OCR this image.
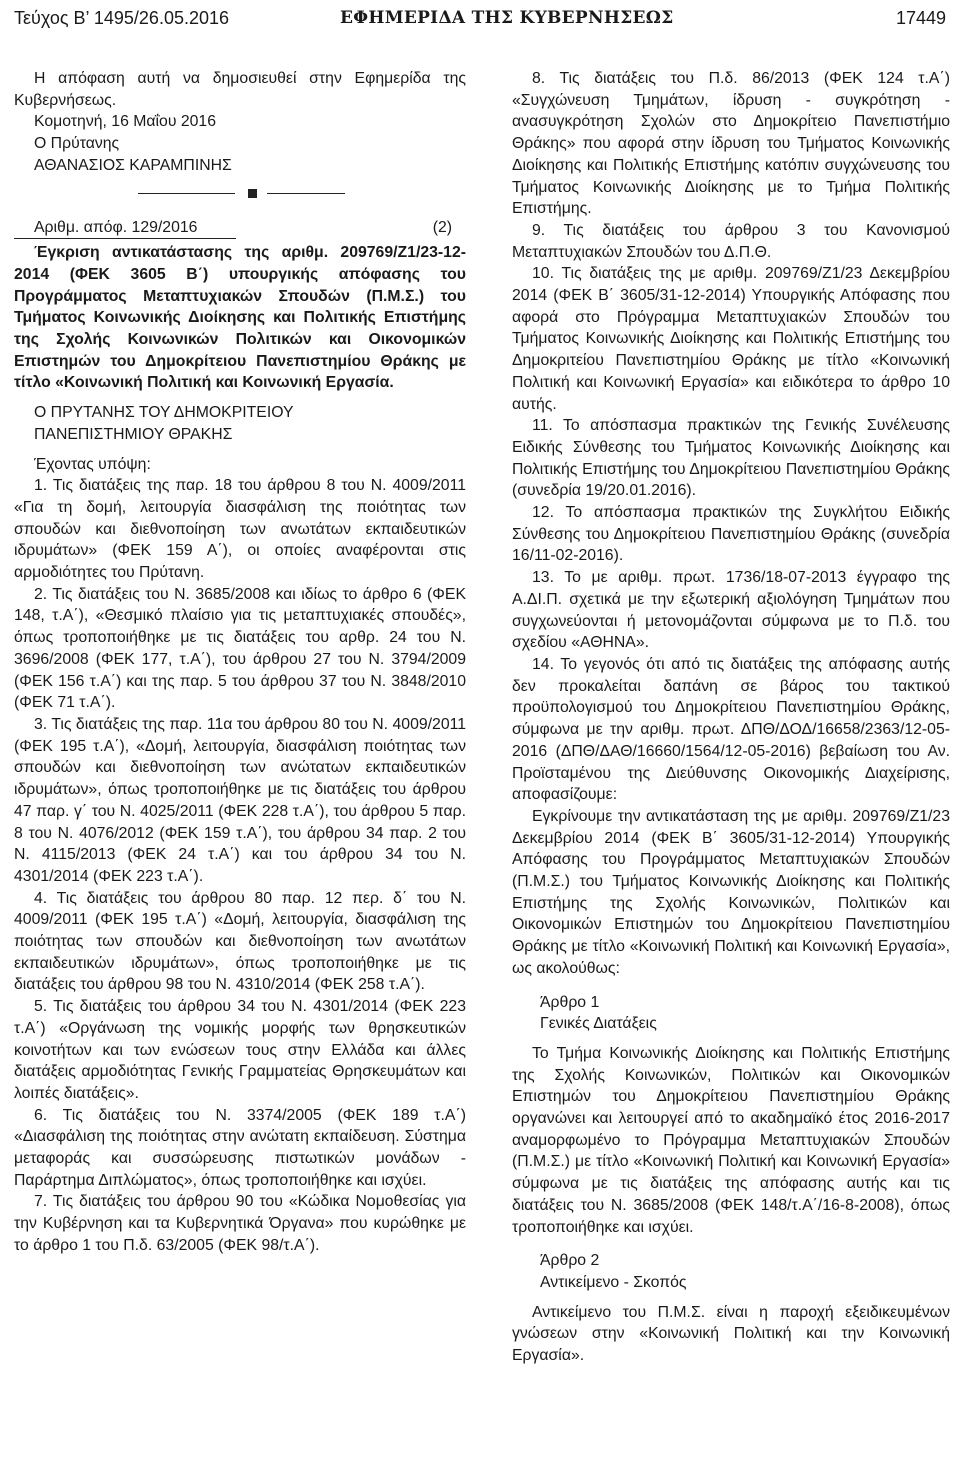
Τεύχος Β’ 1495/26.05.2016	ΕΦΗΜΕΡΙΔΑ ΤΗΣ ΚΥΒΕΡΝΗΣΕΩΣ	17449

Η απόφαση αυτή να δημοσιευθεί στην Εφημερίδα της Κυβερνήσεως.

Κομοτηνή, 16 Μαΐου 2016
Ο Πρύτανης
ΑΘΑΝΑΣΙΟΣ ΚΑΡΑΜΠΙΝΗΣ
Αριθμ. απόφ. 129/2016	(2)

Έγκριση αντικατάστασης της αριθμ. 209769/Ζ1/23-12-2014 (ΦΕΚ 3605 Β΄) υπουργικής απόφασης του Προγράμματος Μεταπτυχιακών Σπουδών (Π.Μ.Σ.) του Τμήματος Κοινωνικής Διοίκησης και Πολιτικής Επιστήμης της Σχολής Κοινωνικών Πολιτικών και Οικονομικών Επιστημών του Δημοκρίτειου Πανεπιστημίου Θράκης με τίτλο «Κοινωνική Πολιτική και Κοινωνική Εργασία.

Ο ΠΡΥΤΑΝΗΣ ΤΟΥ ΔΗΜΟΚΡΙΤΕΙΟΥ
ΠΑΝΕΠΙΣΤΗΜΙΟΥ ΘΡΑΚΗΣ

Έχοντας υπόψη:

1. Τις διατάξεις της παρ. 18 του άρθρου 8 του Ν. 4009/2011 «Για τη δομή, λειτουργία διασφάλιση της ποιότητας των σπουδών και διεθνοποίηση των ανωτάτων εκπαιδευτικών ιδρυμάτων» (ΦΕΚ 159 Α΄), οι οποίες αναφέρονται στις αρμοδιότητες του Πρύτανη.

2. Τις διατάξεις του Ν. 3685/2008 και ιδίως το άρθρο 6 (ΦΕΚ 148, τ.Α΄), «Θεσμικό πλαίσιο για τις μεταπτυχιακές σπουδές», όπως τροποποιήθηκε με τις διατάξεις του αρθρ. 24 του Ν. 3696/2008 (ΦΕΚ 177, τ.Α΄), του άρθρου 27 του Ν. 3794/2009 (ΦΕΚ 156 τ.Α΄) και της παρ. 5 του άρθρου 37 του Ν. 3848/2010 (ΦΕΚ 71 τ.Α΄).

3. Τις διατάξεις της παρ. 11α του άρθρου 80 του Ν. 4009/2011 (ΦΕΚ 195 τ.Α΄), «Δομή, λειτουργία, διασφάλιση ποιότητας των σπουδών και διεθνοποίηση των ανώτατων εκπαιδευτικών ιδρυμάτων», όπως τροποποιήθηκε με τις διατάξεις του άρθρου 47 παρ. γ΄ του Ν. 4025/2011 (ΦΕΚ 228 τ.Α΄), του άρθρου 5 παρ. 8 του Ν. 4076/2012 (ΦΕΚ 159 τ.Α΄), του άρθρου 34 παρ. 2 του Ν. 4115/2013 (ΦΕΚ 24 τ.Α΄) και του άρθρου 34 του Ν. 4301/2014 (ΦΕΚ 223 τ.Α΄).

4. Τις διατάξεις του άρθρου 80 παρ. 12 περ. δ΄ του Ν. 4009/2011 (ΦΕΚ 195 τ.Α΄) «Δομή, λειτουργία, διασφάλιση της ποιότητας των σπουδών και διεθνοποίηση των ανωτάτων εκπαιδευτικών ιδρυμάτων», όπως τροποποιήθηκε με τις διατάξεις του άρθρου 98 του Ν. 4310/2014 (ΦΕΚ 258 τ.Α΄).

5. Τις διατάξεις του άρθρου 34 του Ν. 4301/2014 (ΦΕΚ 223 τ.Α΄) «Οργάνωση της νομικής μορφής των θρησκευτικών κοινοτήτων και των ενώσεων τους στην Ελλάδα και άλλες διατάξεις αρμοδιότητας Γενικής Γραμματείας Θρησκευμάτων και λοιπές διατάξεις».

6. Τις διατάξεις του Ν. 3374/2005 (ΦΕΚ 189 τ.Α΄) «Διασφάλιση της ποιότητας στην ανώτατη εκπαίδευση. Σύστημα μεταφοράς και συσσώρευσης πιστωτικών μονάδων - Παράρτημα Διπλώματος», όπως τροποποιήθηκε και ισχύει.

7. Τις διατάξεις του άρθρου 90 του «Κώδικα Νομοθεσίας για την Κυβέρνηση και τα Κυβερνητικά Όργανα» που κυρώθηκε με το άρθρο 1 του Π.δ. 63/2005 (ΦΕΚ 98/τ.Α΄).

8. Τις διατάξεις του Π.δ. 86/2013 (ΦΕΚ 124 τ.Α΄) «Συγχώνευση Τμημάτων, ίδρυση - συγκρότηση - ανασυγκρότηση Σχολών στο Δημοκρίτειο Πανεπιστήμιο Θράκης» που αφορά στην ίδρυση του Τμήματος Κοινωνικής Διοίκησης και Πολιτικής Επιστήμης κατόπιν συγχώνευσης του Τμήματος Κοινωνικής Διοίκησης με το Τμήμα Πολιτικής Επιστήμης.

9. Τις διατάξεις του άρθρου 3 του Κανονισμού Μεταπτυχιακών Σπουδών του Δ.Π.Θ.

10. Τις διατάξεις της με αριθμ. 209769/Ζ1/23 Δεκεμβρίου 2014 (ΦΕΚ Β΄ 3605/31-12-2014) Υπουργικής Απόφασης που αφορά στο Πρόγραμμα Μεταπτυχιακών Σπουδών του Τμήματος Κοινωνικής Διοίκησης και Πολιτικής Επιστήμης του Δημοκριτείου Πανεπιστημίου Θράκης με τίτλο «Κοινωνική Πολιτική και Κοινωνική Εργασία» και ειδικότερα το άρθρο 10 αυτής.

11. Το απόσπασμα πρακτικών της Γενικής Συνέλευσης Ειδικής Σύνθεσης του Τμήματος Κοινωνικής Διοίκησης και Πολιτικής Επιστήμης του Δημοκρίτειου Πανεπιστημίου Θράκης (συνεδρία 19/20.01.2016).

12. Το απόσπασμα πρακτικών της Συγκλήτου Ειδικής Σύνθεσης του Δημοκρίτειου Πανεπιστημίου Θράκης (συνεδρία 16/11-02-2016).

13. Το με αριθμ. πρωτ. 1736/18-07-2013 έγγραφο της Α.ΔΙ.Π. σχετικά με την εξωτερική αξιολόγηση Τμημάτων που συγχωνεύονται ή μετονομάζονται σύμφωνα με το Π.δ. του σχεδίου «ΑΘΗΝΑ».

14. Το γεγονός ότι από τις διατάξεις της απόφασης αυτής δεν προκαλείται δαπάνη σε βάρος του τακτικού προϋπολογισμού του Δημοκρίτειου Πανεπιστημίου Θράκης, σύμφωνα με την αριθμ. πρωτ. ΔΠΘ/ΔΟΔ/16658/2363/12-05-2016 (ΔΠΘ/ΔΑΘ/16660/1564/12-05-2016) βεβαίωση του Αν. Προϊσταμένου της Διεύθυνσης Οικονομικής Διαχείρισης, αποφασίζουμε:

Εγκρίνουμε την αντικατάσταση της με αριθμ. 209769/Ζ1/23 Δεκεμβρίου 2014 (ΦΕΚ Β΄ 3605/31-12-2014) Υπουργικής Απόφασης του Προγράμματος Μεταπτυχιακών Σπουδών (Π.Μ.Σ.) του Τμήματος Κοινωνικής Διοίκησης και Πολιτικής Επιστήμης της Σχολής Κοινωνικών, Πολιτικών και Οικονομικών Επιστημών του Δημοκρίτειου Πανεπιστημίου Θράκης με τίτλο «Κοινωνική Πολιτική και Κοινωνική Εργασία», ως ακολούθως:

Άρθρο 1
Γενικές Διατάξεις

Το Τμήμα Κοινωνικής Διοίκησης και Πολιτικής Επιστήμης της Σχολής Κοινωνικών, Πολιτικών και Οικονομικών Επιστημών του Δημοκρίτειου Πανεπιστημίου Θράκης οργανώνει και λειτουργεί από το ακαδημαϊκό έτος 2016-2017 αναμορφωμένο το Πρόγραμμα Μεταπτυχιακών Σπουδών (Π.Μ.Σ.) με τίτλο «Κοινωνική Πολιτική και Κοινωνική Εργασία» σύμφωνα με τις διατάξεις της απόφασης αυτής και τις διατάξεις του Ν. 3685/2008 (ΦΕΚ 148/τ.Α΄/16-8-2008), όπως τροποποιήθηκε και ισχύει.

Άρθρο 2
Αντικείμενο - Σκοπός

Αντικείμενο του Π.Μ.Σ. είναι η παροχή εξειδικευμένων γνώσεων στην «Κοινωνική Πολιτική και την Κοινωνική Εργασία».
